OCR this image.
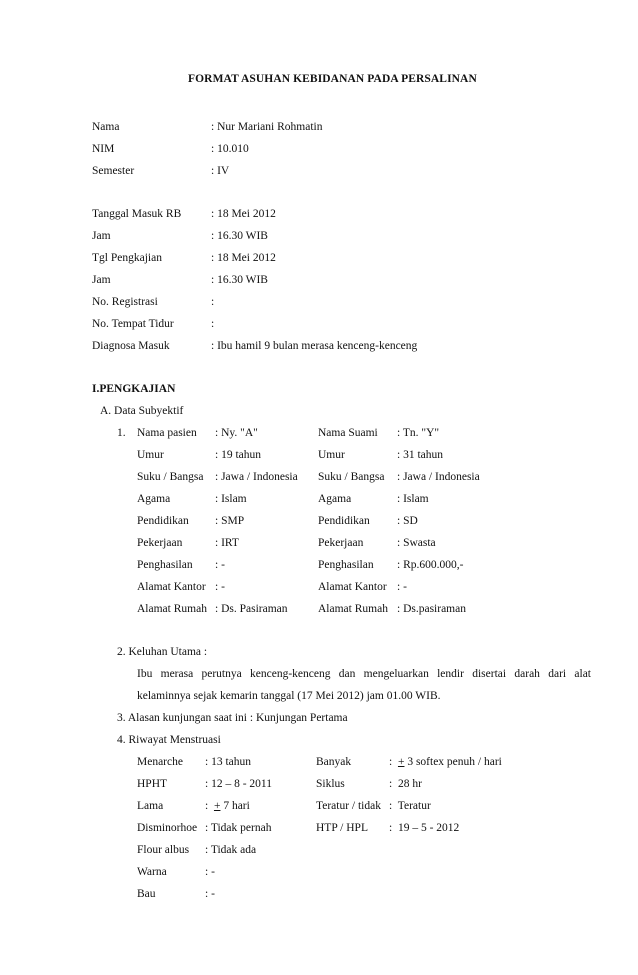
FORMAT ASUHAN KEBIDANAN PADA PERSALINAN
Nama	: Nur Mariani Rohmatin
NIM	: 10.010
Semester	: IV
Tanggal Masuk RB	: 18 Mei 2012
Jam	: 16.30 WIB
Tgl Pengkajian	: 18 Mei 2012
Jam	: 16.30 WIB
No. Registrasi	:
No. Tempat Tidur	:
Diagnosa Masuk	: Ibu hamil 9 bulan merasa kenceng-kenceng
I.PENGKAJIAN
A. Data Subyektif
1. Nama pasien : Ny. "A"	Nama Suami : Tn. "Y"
Umur	: 19 tahun	Umur	: 31 tahun
Suku / Bangsa : Jawa / Indonesia Suku / Bangsa : Jawa / Indonesia
Agama	: Islam	Agama	: Islam
Pendidikan : SMP	Pendidikan : SD
Pekerjaan	: IRT	Pekerjaan	: Swasta
Penghasilan : -	Penghasilan : Rp.600.000,-
Alamat Kantor : -	Alamat Kantor : -
Alamat Rumah : Ds. Pasiraman	Alamat Rumah : Ds.pasiraman
2. Keluhan Utama :
Ibu merasa perutnya kenceng-kenceng dan mengeluarkan lendir disertai darah dari alat
kelaminnya sejak kemarin tanggal (17 Mei 2012) jam 01.00 WIB.
3. Alasan kunjungan saat ini : Kunjungan Pertama
4. Riwayat Menstruasi
Menarche : 13 tahun	Banyak	: + 3 softex penuh / hari
HPHT	: 12 – 8 - 2011	Siklus	:  28 hr
Lama	: + 7 hari	Teratur / tidak :  Teratur
Disminorhoe : Tidak pernah	HTP / HPL :  19 – 5 - 2012
Flour albus : Tidak ada
Warna	: -
Bau	: -
